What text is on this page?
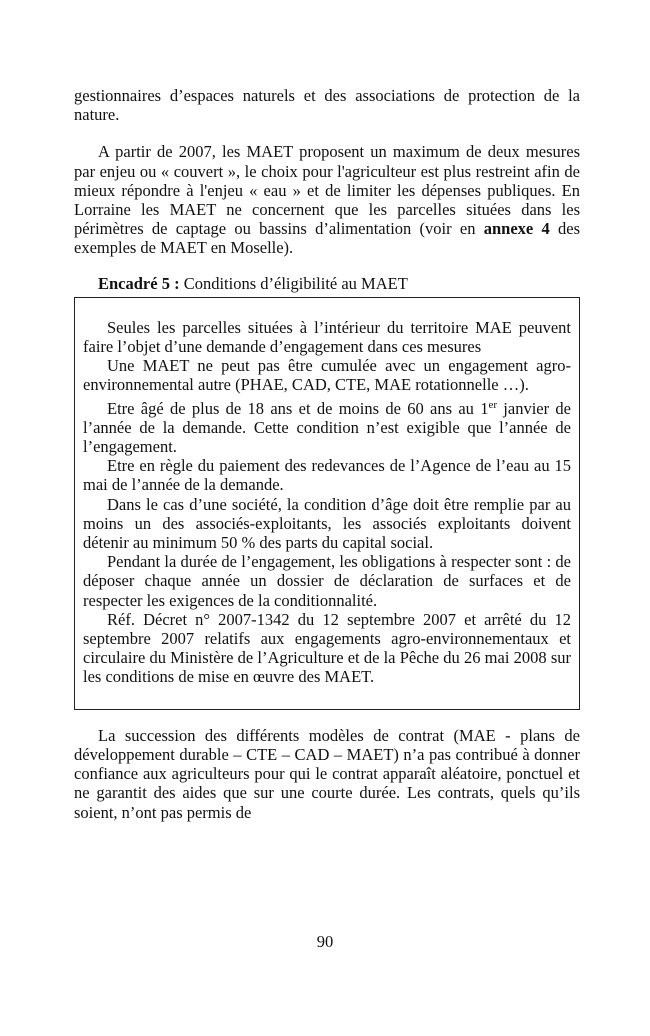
gestionnaires d’espaces naturels et des associations de protection de la nature.

A partir de 2007, les MAET proposent un maximum de deux mesures par enjeu ou « couvert », le choix pour l'agriculteur est plus restreint afin de mieux répondre à l'enjeu « eau » et de limiter les dépenses publiques. En Lorraine les MAET ne concernent que les parcelles situées dans les périmètres de captage ou bassins d’alimentation (voir en annexe 4 des exemples de MAET en Moselle).

Encadré 5 : Conditions d’éligibilité au MAET

Seules les parcelles situées à l’intérieur du territoire MAE peuvent faire l’objet d’une demande d’engagement dans ces mesures

Une MAET ne peut pas être cumulée avec un engagement agro-environnemental autre (PHAE, CAD, CTE, MAE rotationnelle …).

Etre âgé de plus de 18 ans et de moins de 60 ans au 1er janvier de l’année de la demande. Cette condition n’est exigible que l’année de l’engagement.

Etre en règle du paiement des redevances de l’Agence de l’eau au 15 mai de l’année de la demande.

Dans le cas d’une société, la condition d’âge doit être remplie par au moins un des associés-exploitants, les associés exploitants doivent détenir au minimum 50 % des parts du capital social.

Pendant la durée de l’engagement, les obligations à respecter sont : de déposer chaque année un dossier de déclaration de surfaces et de respecter les exigences de la conditionnalité.

Réf. Décret n° 2007-1342 du 12 septembre 2007 et arrêté du 12 septembre 2007 relatifs aux engagements agro-environnementaux et circulaire du Ministère de l’Agriculture et de la Pêche du 26 mai 2008 sur les conditions de mise en œuvre des MAET.

La succession des différents modèles de contrat (MAE - plans de développement durable – CTE – CAD – MAET) n’a pas contribué à donner confiance aux agriculteurs pour qui le contrat apparaît aléatoire, ponctuel et ne garantit des aides que sur une courte durée. Les contrats, quels qu’ils soient, n’ont pas permis de

90
